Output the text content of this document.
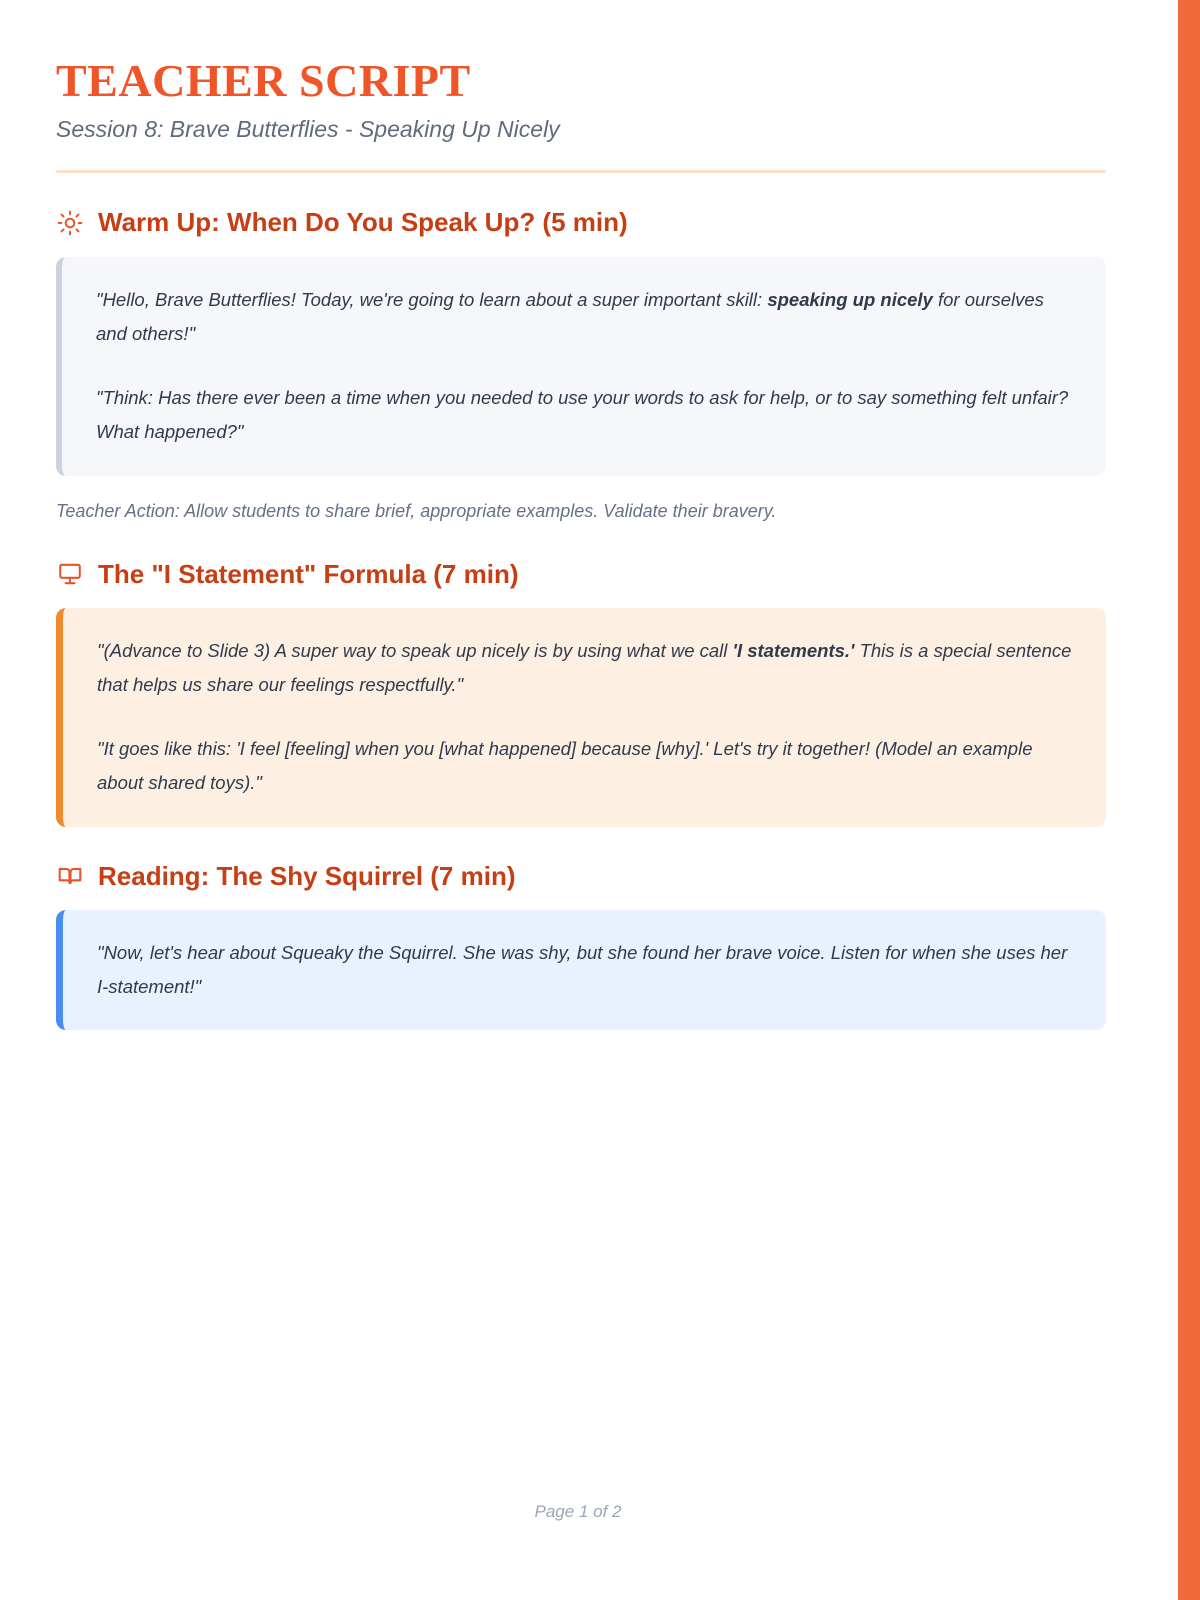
TEACHER SCRIPT
Session 8: Brave Butterflies - Speaking Up Nicely
Warm Up: When Do You Speak Up? (5 min)

"Hello, Brave Butterflies! Today, we're going to learn about a super important skill: speaking up nicely for ourselves and others!"

"Think: Has there ever been a time when you needed to use your words to ask for help, or to say something felt unfair? What happened?"

Teacher Action: Allow students to share brief, appropriate examples. Validate their bravery.
The "I Statement" Formula (7 min)

"(Advance to Slide 3) A super way to speak up nicely is by using what we call 'I statements.' This is a special sentence that helps us share our feelings respectfully."

"It goes like this: 'I feel [feeling] when you [what happened] because [why].' Let's try it together! (Model an example about shared toys)."

Reading: The Shy Squirrel (7 min)

"Now, let's hear about Squeaky the Squirrel. She was shy, but she found her brave voice. Listen for when she uses her I-statement!"

Page 1 of 2
